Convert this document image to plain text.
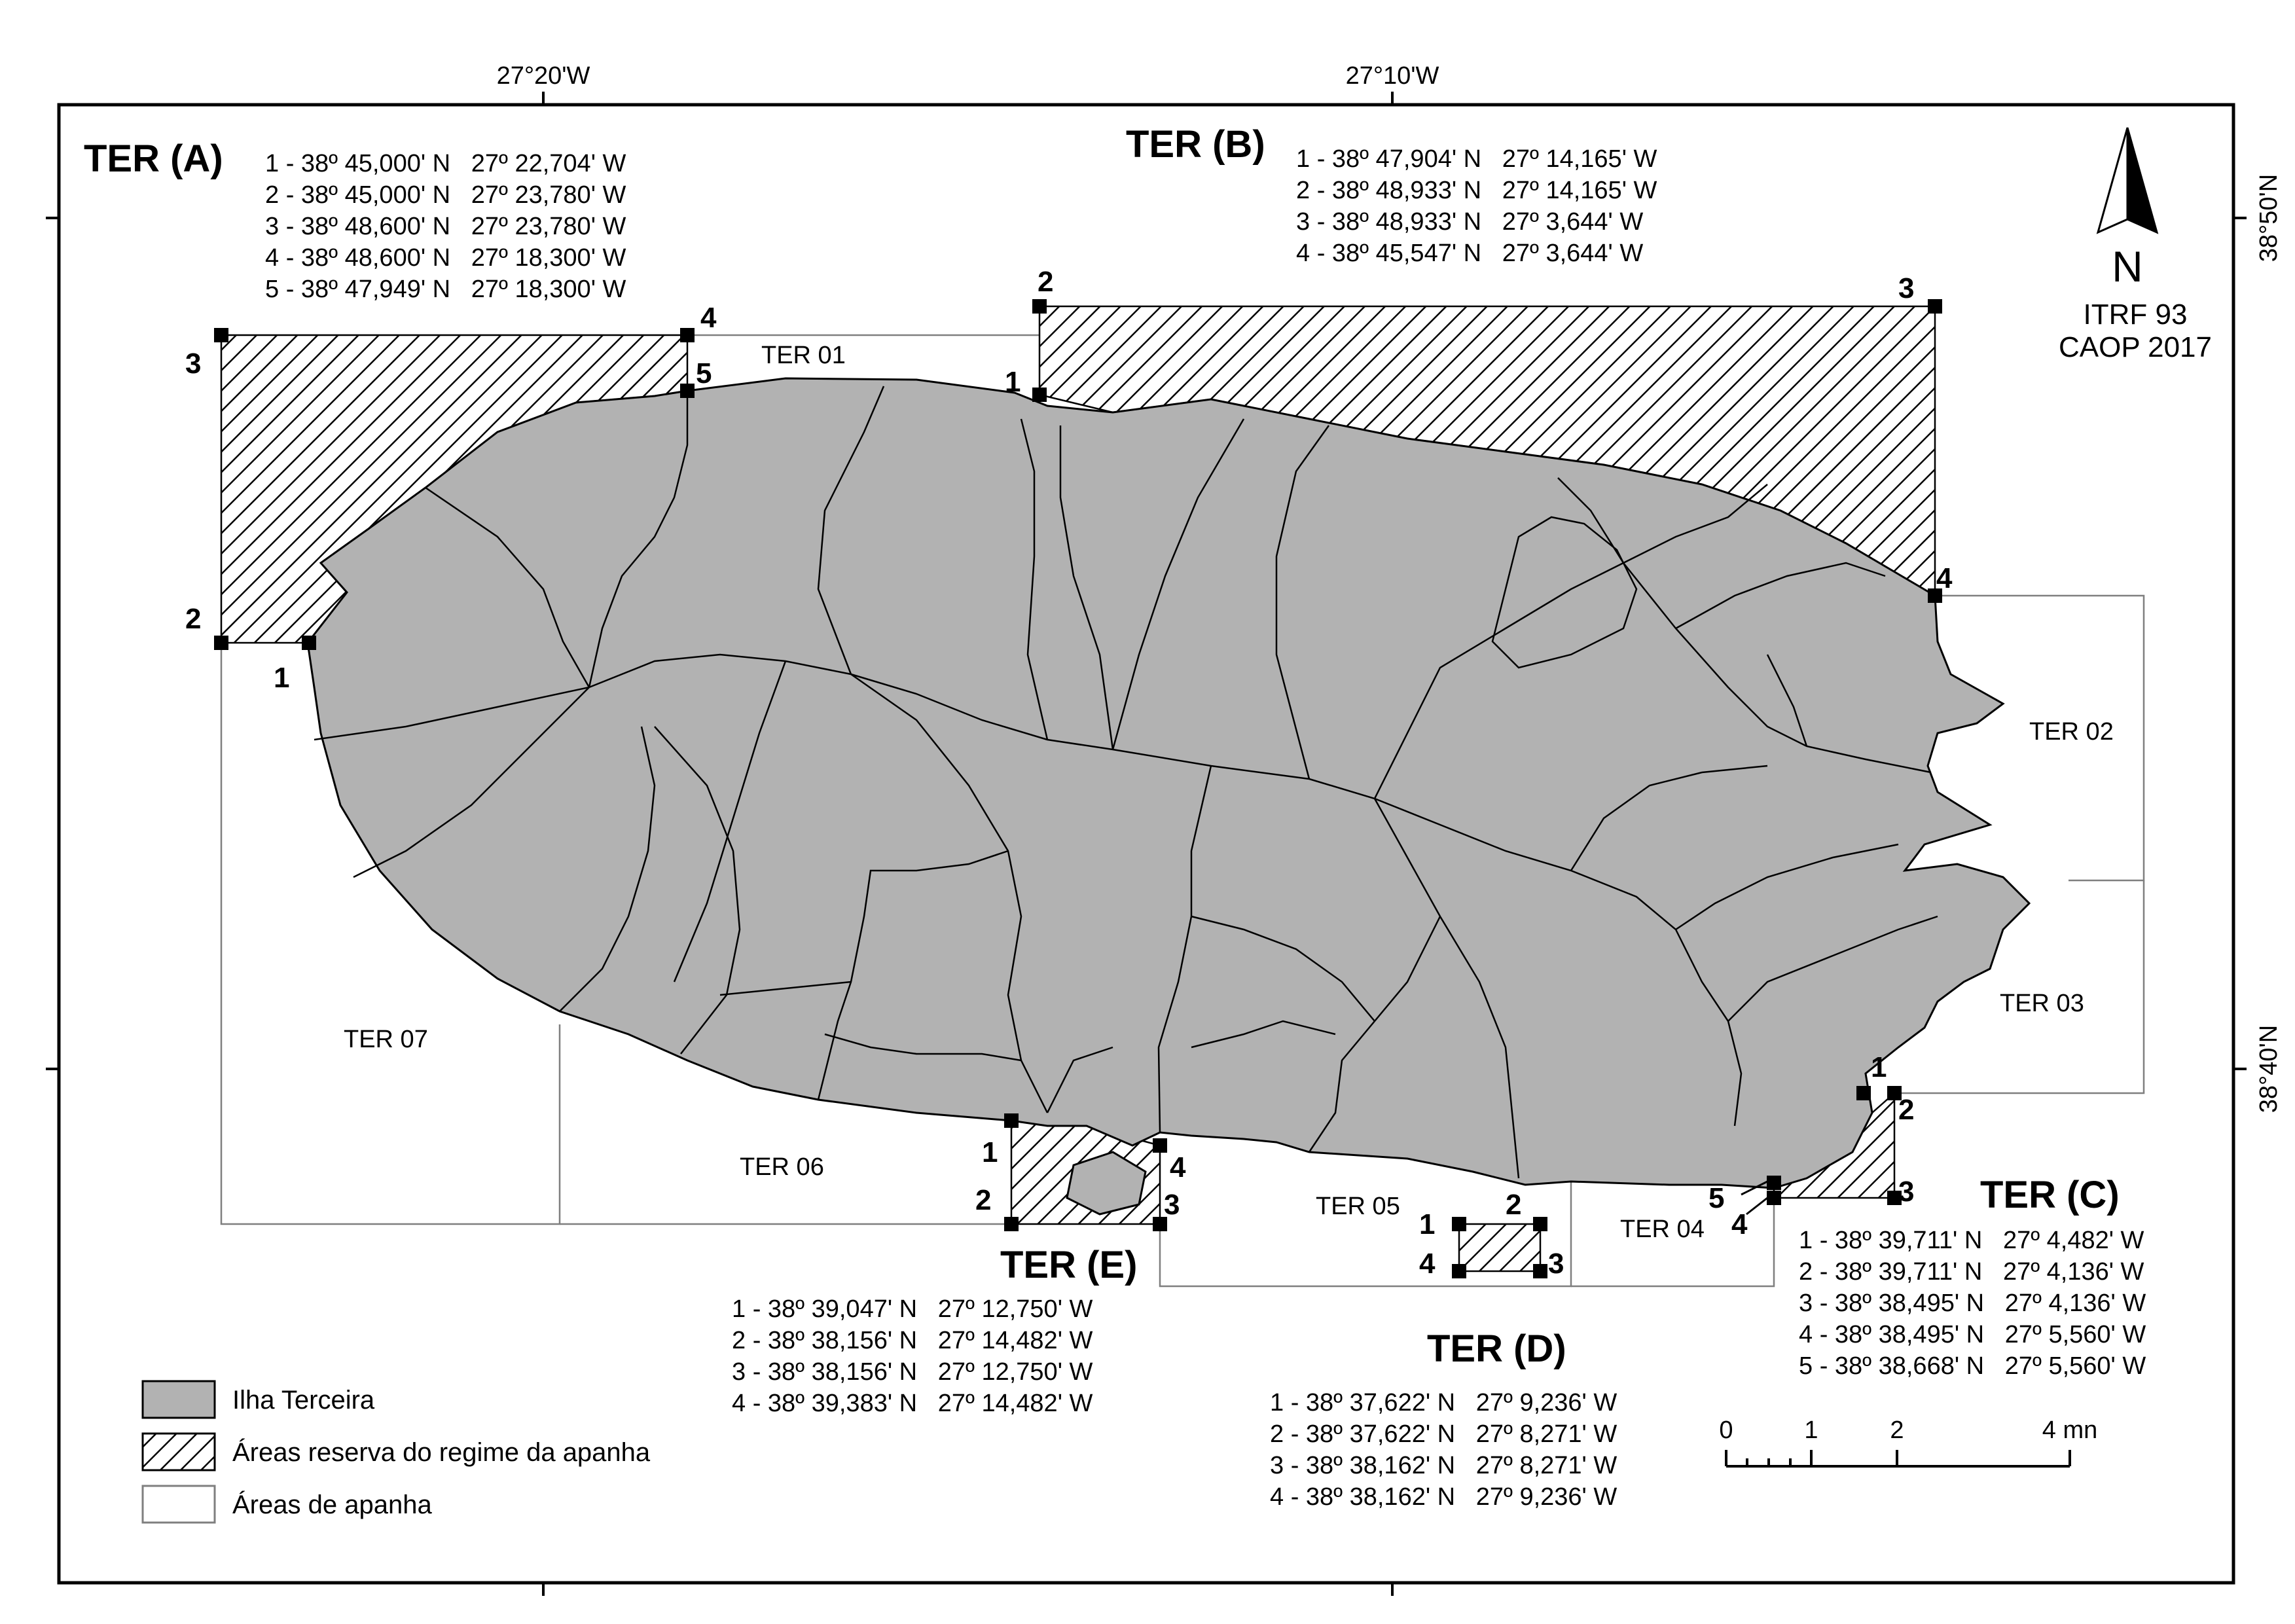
27°20'W	27°10'W
38°50'N
38°40'N
1
2
3
4
5	1
2	3
4
1
2
3
4
5
1
2
3
4
1
2	3
4
TER 01
TER 02
TER 03
TER 04
TER 05
TER 06
TER 07
TER (A) 1 - 38º 45,000' N   27º 22,704' W
2 - 38º 45,000' N   27º 23,780' W
3 - 38º 48,600' N   27º 23,780' W
4 - 38º 48,600' N   27º 18,300' W
5 - 38º 47,949' N   27º 18,300' W
TER (B) 1 - 38º 47,904' N   27º 14,165' W
2 - 38º 48,933' N   27º 14,165' W
3 - 38º 48,933' N   27º 3,644' W
4 - 38º 45,547' N   27º 3,644' W
TER (C)
1 - 38º 39,711' N   27º 4,482' W
2 - 38º 39,711' N   27º 4,136' W
3 - 38º 38,495' N   27º 4,136' W
4 - 38º 38,495' N   27º 5,560' W
5 - 38º 38,668' N   27º 5,560' W
TER (D)
1 - 38º 37,622' N   27º 9,236' W
2 - 38º 37,622' N   27º 8,271' W
3 - 38º 38,162' N   27º 8,271' W
4 - 38º 38,162' N   27º 9,236' W
TER (E)
1 - 38º 39,047' N   27º 12,750' W
2 - 38º 38,156' N   27º 14,482' W
3 - 38º 38,156' N   27º 12,750' W
4 - 38º 39,383' N   27º 14,482' W
N
ITRF 93
CAOP 2017
Ilha Terceira
Áreas reserva do regime da apanha
Áreas de apanha
0	1	2	4 mn
